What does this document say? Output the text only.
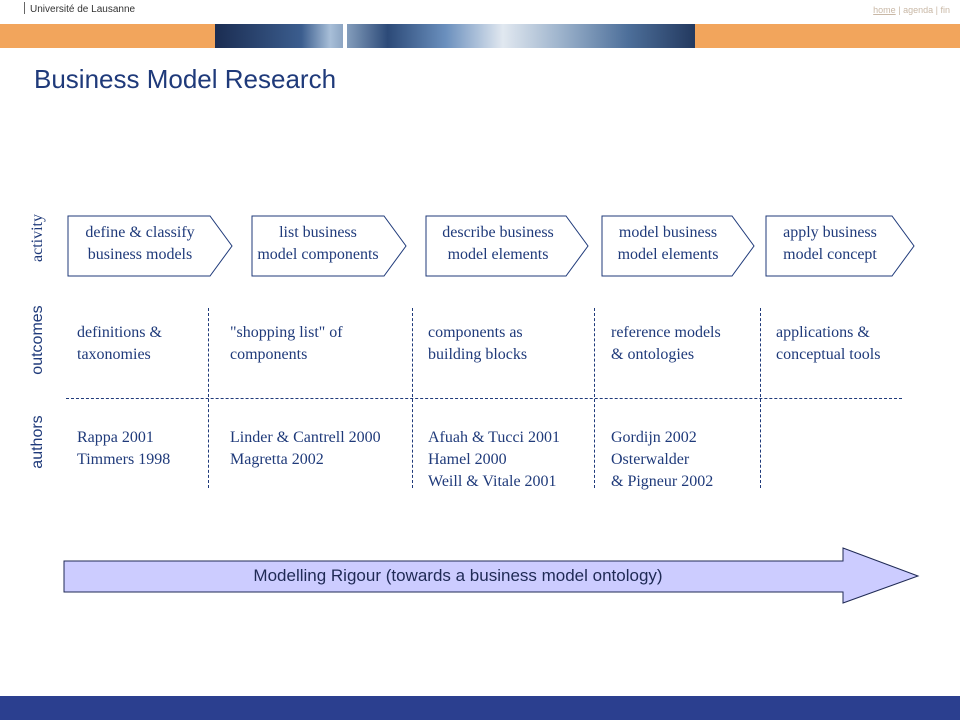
Université de Lausanne	home | agenda | fin
Business Model Research
activity
outcomes
authors
define & classify
business models
list business
model components
describe business
model elements
model business
model elements
apply business
model concept
definitions &
taxonomies
"shopping list" of
components
components as
building blocks
reference models
& ontologies
applications &
conceptual tools
Rappa 2001
Timmers 1998
Linder & Cantrell 2000
Magretta 2002
Afuah & Tucci 2001
Hamel 2000
Weill & Vitale 2001
Gordijn 2002
Osterwalder
& Pigneur 2002
Modelling Rigour (towards a business model ontology)
